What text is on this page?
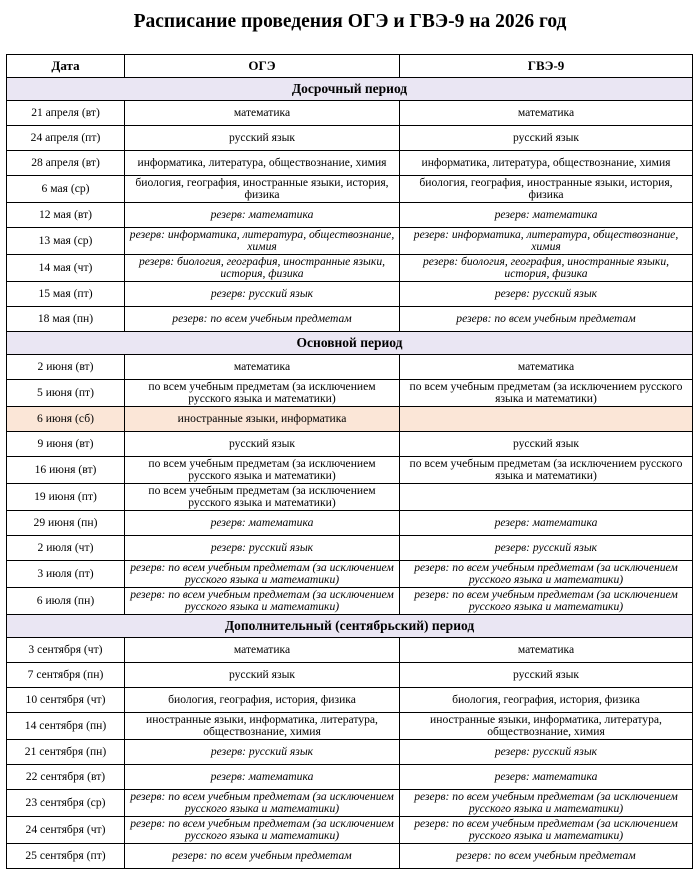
Расписание проведения ОГЭ и ГВЭ-9 на 2026 год
Дата	ОГЭ	ГВЭ-9
Досрочный период		
21 апреля (вт)	математика	математика
24 апреля (пт)	русский язык	русский язык
28 апреля (вт)	информатика, литература, обществознание, химия	информатика, литература, обществознание, химия
6 мая (ср)	биология, география, иностранные языки, история, физика	биология, география, иностранные языки, история, физика
12 мая (вт)	резерв: математика	резерв: математика
13 мая (ср)	резерв: информатика, литература, обществознание, химия	резерв: информатика, литература, обществознание, химия
14 мая (чт)	резерв: биология, география, иностранные языки, история, физика	резерв: биология, география, иностранные языки, история, физика
15 мая (пт)	резерв: русский язык	резерв: русский язык
18 мая (пн)	резерв: по всем учебным предметам	резерв: по всем учебным предметам
Основной период		
2 июня (вт)	математика	математика
5 июня (пт)	по всем учебным предметам (за исключением русского языка и математики)	по всем учебным предметам (за исключением русского языка и математики)
6 июня (сб)	иностранные языки, информатика	
9 июня (вт)	русский язык	русский язык
16 июня (вт)	по всем учебным предметам (за исключением русского языка и математики)	по всем учебным предметам (за исключением русского языка и математики)
19 июня (пт)	по всем учебным предметам (за исключением русского языка и математики)	
29 июня (пн)	резерв: математика	резерв: математика
2 июля (чт)	резерв: русский язык	резерв: русский язык
3 июля (пт)	резерв: по всем учебным предметам (за исключением русского языка и математики)	резерв: по всем учебным предметам (за исключением русского языка и математики)
6 июля (пн)	резерв: по всем учебным предметам (за исключением русского языка и математики)	резерв: по всем учебным предметам (за исключением русского языка и математики)
Дополнительный (сентябрьский) период		
3 сентября (чт)	математика	математика
7 сентября (пн)	русский язык	русский язык
10 сентября (чт)	биология, география, история, физика	биология, география, история, физика
14 сентября (пн)	иностранные языки, информатика, литература, обществознание, химия	иностранные языки, информатика, литература, обществознание, химия
21 сентября (пн)	резерв: русский язык	резерв: русский язык
22 сентября (вт)	резерв: математика	резерв: математика
23 сентября (ср)	резерв: по всем учебным предметам (за исключением русского языка и математики)	резерв: по всем учебным предметам (за исключением русского языка и математики)
24 сентября (чт)	резерв: по всем учебным предметам (за исключением русского языка и математики)	резерв: по всем учебным предметам (за исключением русского языка и математики)
25 сентября (пт)	резерв: по всем учебным предметам	резерв: по всем учебным предметам
